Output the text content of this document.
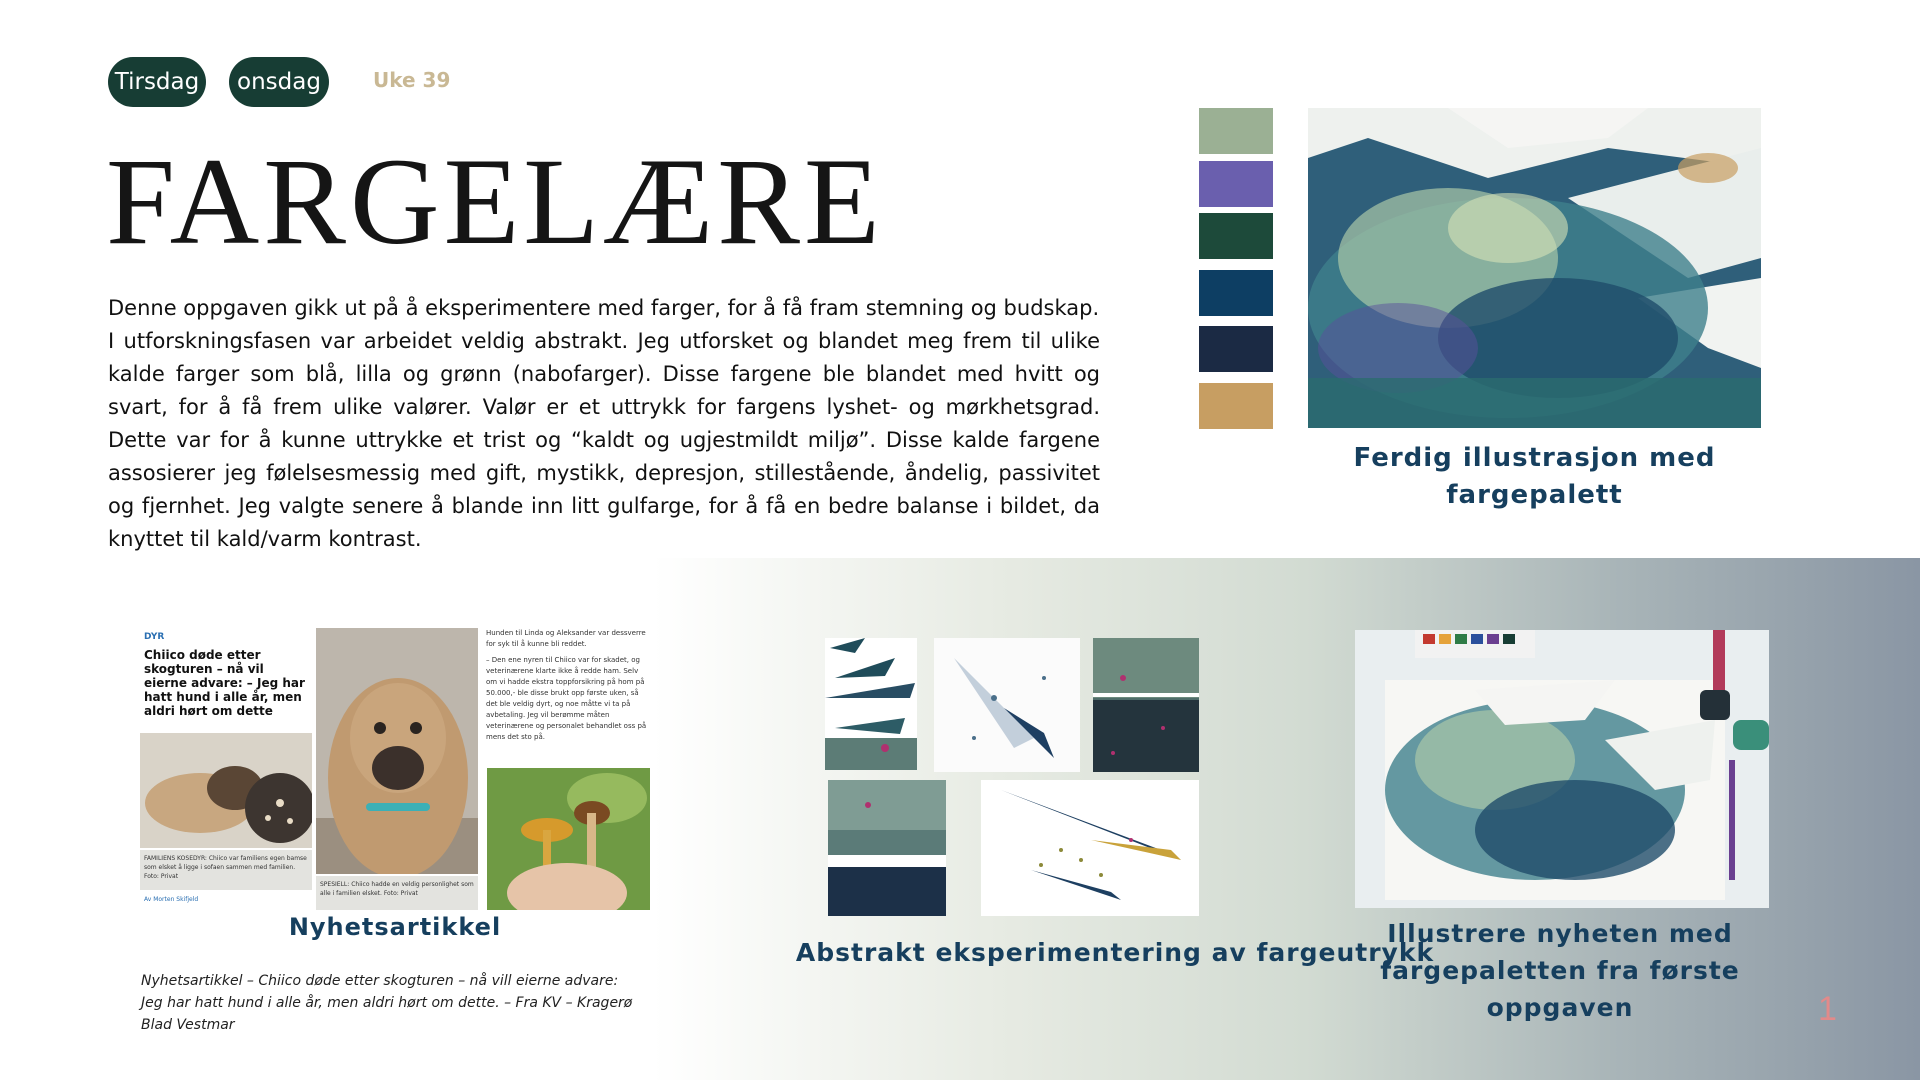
Tirsdag	onsdag	Uke 39
FARGELÆRE

Denne oppgaven gikk ut på å eksperimentere med farger, for å få fram stemning og budskap.

I utforskningsfasen var arbeidet veldig abstrakt. Jeg utforsket og blandet meg frem til ulike kalde farger som blå, lilla og grønn (nabofarger). Disse fargene ble blandet med hvitt og svart, for å få frem ulike valører. Valør er et uttrykk for fargens lyshet- og mørkhetsgrad. Dette var for å kunne uttrykke et trist og “kaldt og ugjestmildt miljø”. Disse kalde fargene assosierer jeg følelsesmessig med gift, mystikk, depresjon, stillestående, åndelig, passivitet og fjernhet. Jeg valgte senere å blande inn litt gulfarge, for å få en bedre balanse i bildet, da knyttet til kald/varm kontrast.

Ferdig illustrasjon med fargepalett
DYR
Chiico døde etter skogturen – nå vil eierne advare: – Jeg har hatt hund i alle år, men aldri hørt om dette
FAMILIENS KOSEDYR: Chiico var familiens egen bamse som elsket å ligge i sofaen sammen med familien. Foto: Privat
Av Morten Skifjeld
SPESIELL: Chiico hadde en veldig personlighet som alle i familien elsket. Foto: Privat
Hunden til Linda og Aleksander var dessverre for syk til å kunne bli reddet.
– Den ene nyren til Chiico var for skadet, og veterinærene klarte ikke å redde ham. Selv om vi hadde ekstra toppforsikring på hom på 50.000,- ble disse brukt opp første uken, så det ble veldig dyrt, og noe måtte vi ta på avbetaling. Jeg vil berømme måten veterinærene og personalet behandlet oss på mens det sto på.
Nyhetsartikkel
Nyhetsartikkel – Chiico døde etter skogturen – nå vill eierne advare: Jeg har hatt hund i alle år, men aldri hørt om dette. – Fra KV – Kragerø Blad Vestmar
Abstrakt eksperimentering av fargeutrykk
Illustrere nyheten med fargepaletten fra første oppgaven	1
